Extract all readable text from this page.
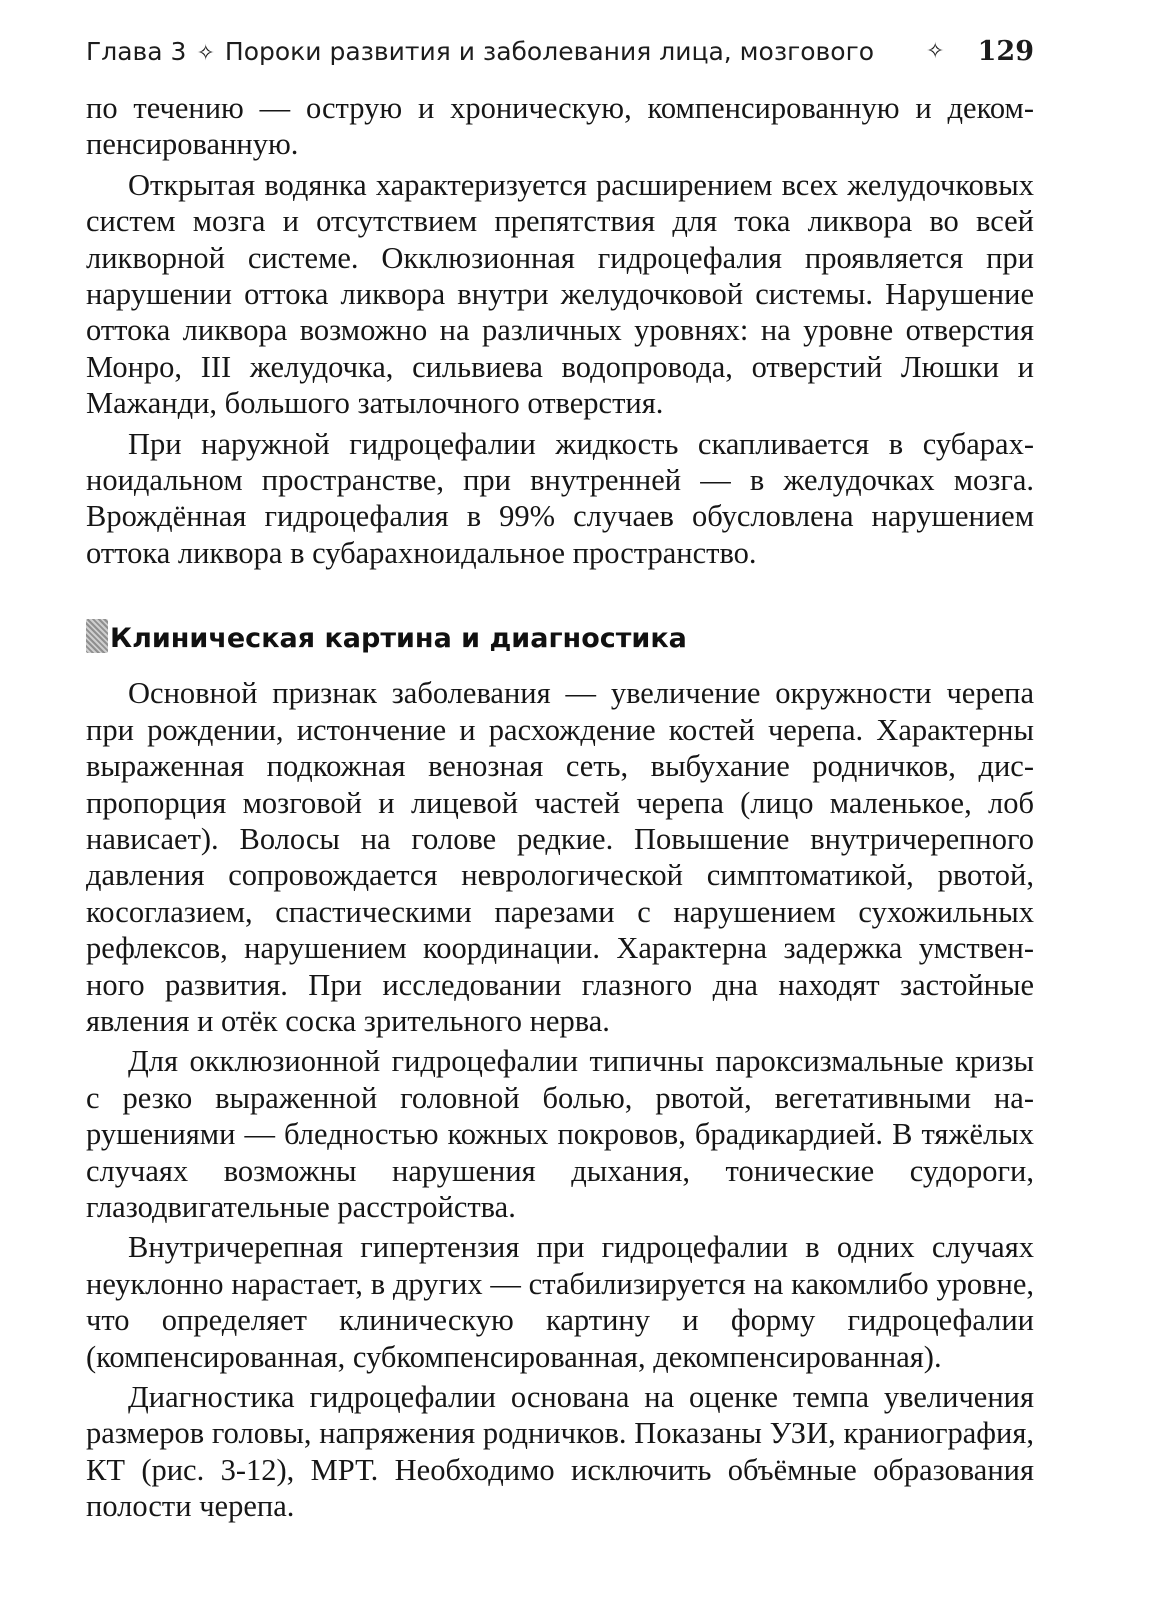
Глава 3 ✧ Пороки развития и заболевания лица, мозгового ✧ 129

по течению — острую и хроническую, компенсированную и декомпенсированную.

Открытая водянка характеризуется расширением всех желудочковых систем мозга и отсутствием препятствия для тока ликвора во всей ликворной системе. Окклюзионная гидроцефалия проявляется при нарушении оттока ликвора внутри желудочковой системы. Нарушение оттока ликвора возможно на различных уровнях: на уровне отверстия Монро, III желудочка, сильвиева водопровода, отверстий Люшки и Мажанди, большого затылочного отверстия.

При наружной гидроцефалии жидкость скапливается в субарахноидальном пространстве, при внутренней — в желудочках мозга. Врождённая гидроцефалия в 99% случаев обусловлена нарушением оттока ликвора в субарахноидальное пространство.

Клиническая картина и диагностика

Основной признак заболевания — увеличение окружности черепа при рождении, истончение и расхождение костей черепа. Характерны выраженная подкожная венозная сеть, выбухание родничков, диспропорция мозговой и лицевой частей черепа (лицо маленькое, лоб нависает). Волосы на голове редкие. Повышение внутричерепного давления сопровождается неврологической симптоматикой, рвотой, косоглазием, спастическими парезами с нарушением сухожильных рефлексов, нарушением координации. Характерна задержка умственного развития. При исследовании глазного дна находят застойные явления и отёк соска зрительного нерва.

Для окклюзионной гидроцефалии типичны пароксизмальные кризы с резко выраженной головной болью, рвотой, вегетативными нарушениями — бледностью кожных покровов, брадикардией. В тяжёлых случаях возможны нарушения дыхания, тонические судороги, глазодвигательные расстройства.

Внутричерепная гипертензия при гидроцефалии в одних случаях неуклонно нарастает, в других — стабилизируется на какомлибо уровне, что определяет клиническую картину и форму гидроцефалии (компенсированная, субкомпенсированная, декомпенсированная).

Диагностика гидроцефалии основана на оценке темпа увеличения размеров головы, напряжения родничков. Показаны УЗИ, краниография, КТ (рис. 3-12), МРТ. Необходимо исключить объёмные образования полости черепа.
